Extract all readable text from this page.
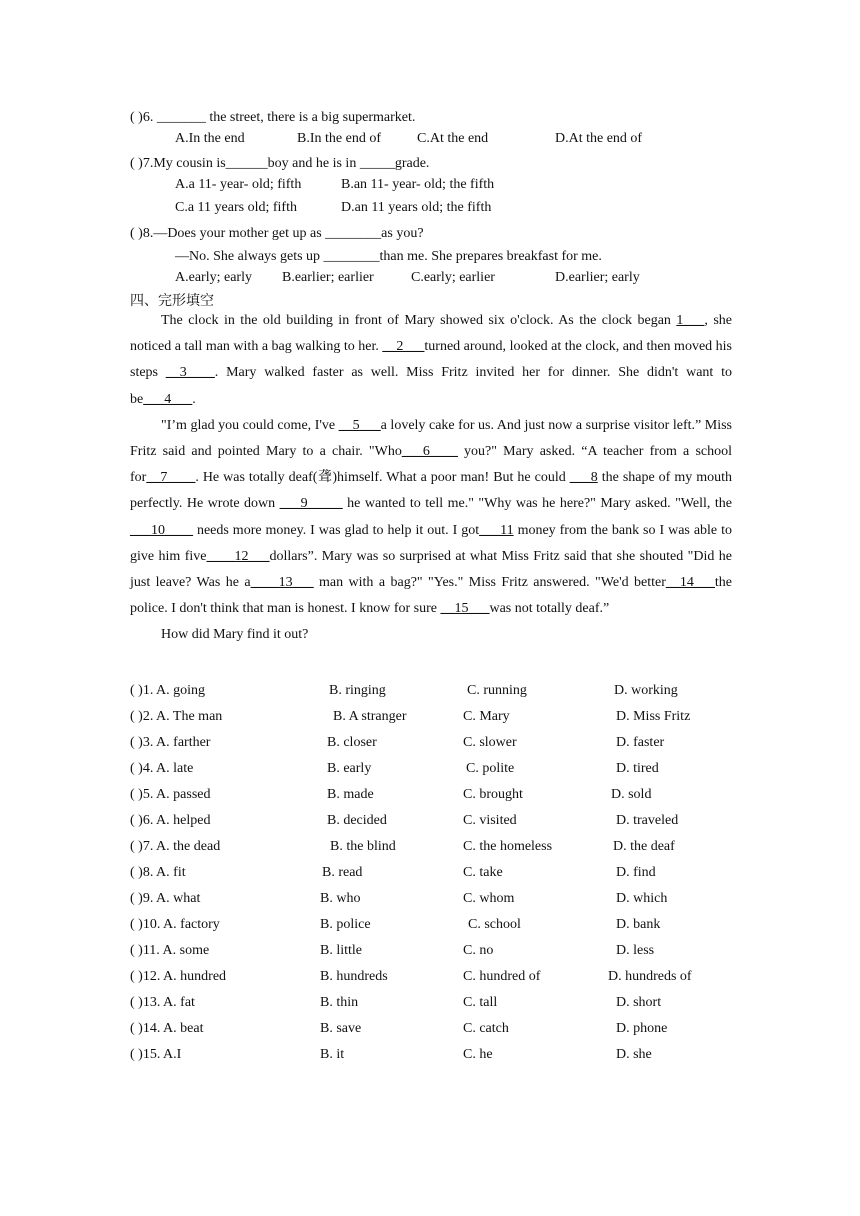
( )6. _______ the street, there is a big supermarket.
A.In the end	B.In the end of	C.At the end	D.At the end of
( )7.My cousin is______boy and he is in _____grade.
A.a 11- year- old; fifth	B.an 11- year- old; the fifth
C.a 11 years old; fifth	D.an 11 years old; the fifth
( )8.—Does your mother get up as ________as you?
—No. She always gets up ________than me. She prepares breakfast for me.
A.early; early B.earlier; earlier	C.early; earlier	D.earlier; early
四、完形填空

The clock in the old building in front of Mary showed six o'clock. As the clock began 1___, she noticed a tall man with a bag walking to her. __2___turned around, looked at the clock, and then moved his steps __3____. Mary walked faster as well. Miss Fritz invited her for dinner. She didn't want to be___4___.

"I’m glad you could come, I've __5___a lovely cake for us. And just now a surprise visitor left.” Miss Fritz said and pointed Mary to a chair. "Who___6____ you?" Mary asked. “A teacher from a school for__7____. He was totally deaf(聋)himself. What a poor man! But he could ___8 the shape of my mouth perfectly. He wrote down ___9_____ he wanted to tell me." "Why was he here?" Mary asked. "Well, the ___10____ needs more money. I was glad to help it out. I got___11 money from the bank so I was able to give him five____12___dollars”. Mary was so surprised at what Miss Fritz said that she shouted "Did he just leave? Was he a____13___ man with a bag?" "Yes." Miss Fritz answered. "We'd better__14___the police. I don't think that man is honest. I know for sure __15___was not totally deaf.”

How did Mary find it out?

( )1. A. going	B. ringing	C. running	D. working
( )2. A. The man	B. A stranger	C. Mary	D. Miss Fritz
( )3. A. farther	B. closer	C. slower	D. faster
( )4. A. late	B. early	C. polite	D. tired
( )5. A. passed	B. made	C. brought	D. sold
( )6. A. helped	B. decided	C. visited	D. traveled
( )7. A. the dead	B. the blind	C. the homeless	D. the deaf
( )8. A. fit	B. read	C. take	D. find
( )9. A. what	B. who	C. whom	D. which
( )10. A. factory	B. police	C. school	D. bank
( )11. A. some	B. little	C. no	D. less
( )12. A. hundred	B. hundreds	C. hundred of	D. hundreds of
( )13. A. fat	B. thin	C. tall	D. short
( )14. A. beat	B. save	C. catch	D. phone
( )15. A.I	B. it	C. he	D. she
